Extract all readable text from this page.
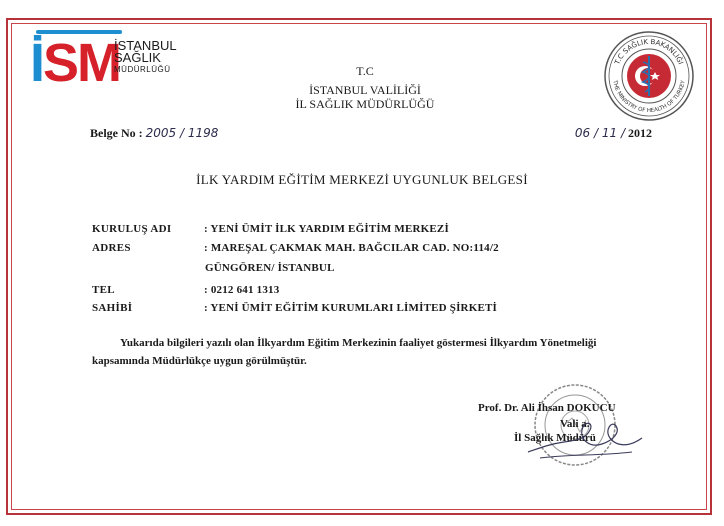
İSM
İSTANBUL
SAĞLIK
MÜDÜRLÜĞÜ	T.C
İSTANBUL VALİLİĞİ
İL SAĞLIK MÜDÜRLÜĞÜ
T.C SAĞLIK BAKANLIĞI
THE MINISTRY OF HEALTH OF TURKEY
Belge No : 2005 / 1198	06 / 11 / 2012
İLK YARDIM EĞİTİM MERKEZİ UYGUNLUK BELGESİ
KURULUŞ ADI	: YENİ ÜMİT İLK YARDIM EĞİTİM MERKEZİ
ADRES	: MAREŞAL ÇAKMAK MAH. BAĞCILAR CAD. NO:114/2
GÜNGÖREN/ İSTANBUL
TEL	: 0212 641 1313
SAHİBİ	: YENİ ÜMİT EĞİTİM KURUMLARI LİMİTED ŞİRKETİ
Yukarıda bilgileri yazılı olan İlkyardım Eğitim Merkezinin faaliyet göstermesi İlkyardım Yönetmeliği
kapsamında Müdürlükçe uygun görülmüştür.
Prof. Dr. Ali İhsan DOKUCU
Vali a.
İl Sağlık Müdürü
